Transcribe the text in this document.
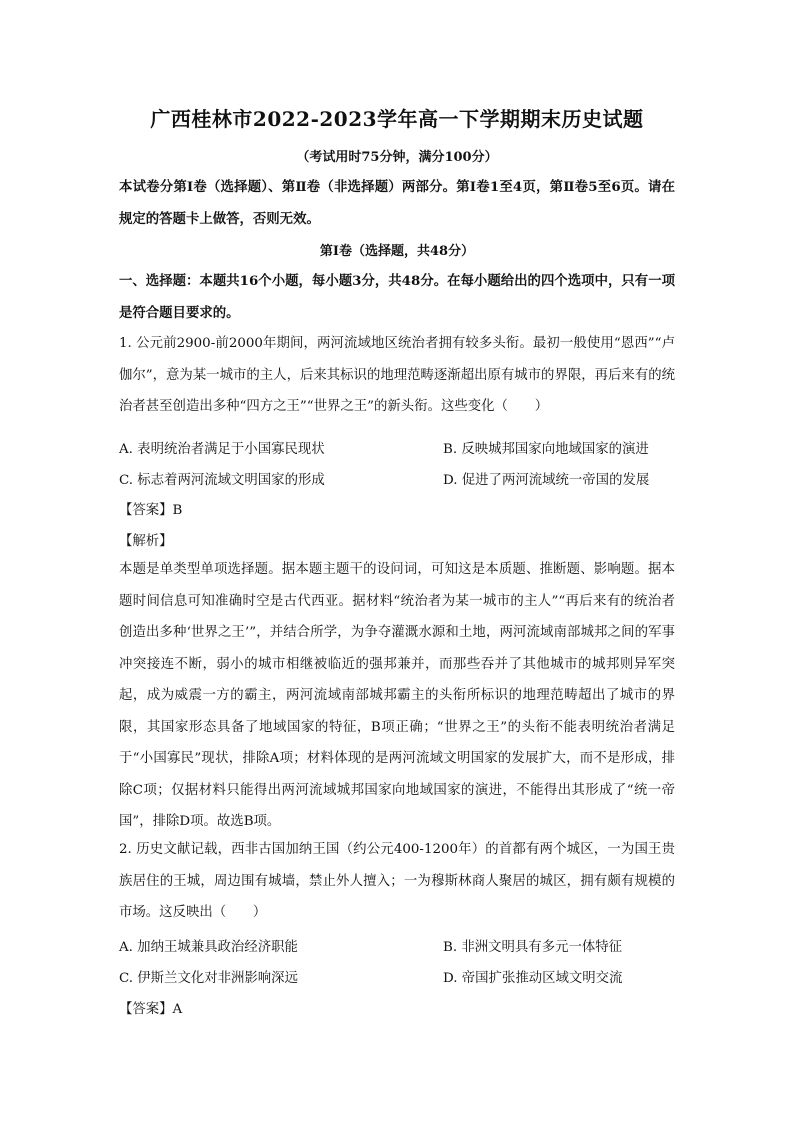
广西桂林市2022-2023学年高一下学期期末历史试题
（考试用时75分钟，满分100分）
本试卷分第Ⅰ卷（选择题）、第Ⅱ卷（非选择题）两部分。第Ⅰ卷1至4页，第Ⅱ卷5至6页。请在规定的答题卡上做答，否则无效。
第Ⅰ卷（选择题，共48分）
一、选择题：本题共16个小题，每小题3分，共48分。在每小题给出的四个选项中，只有一项是符合题目要求的。
1. 公元前2900-前2000年期间，两河流域地区统治者拥有较多头衔。最初一般使用“恩西”“卢伽尔”，意为某一城市的主人，后来其标识的地理范畴逐渐超出原有城市的界限，再后来有的统治者甚至创造出多种“四方之王”“世界之王”的新头衔。这些变化（　　）
A. 表明统治者满足于小国寡民现状	B. 反映城邦国家向地域国家的演进
C. 标志着两河流域文明国家的形成	D. 促进了两河流域统一帝国的发展
【答案】B
【解析】
本题是单类型单项选择题。据本题主题干的设问词，可知这是本质题、推断题、影响题。据本题时间信息可知准确时空是古代西亚。据材料“统治者为某一城市的主人”“再后来有的统治者创造出多种‘世界之王’”，并结合所学，为争夺灌溉水源和土地，两河流域南部城邦之间的军事冲突接连不断，弱小的城市相继被临近的强邦兼并，而那些吞并了其他城市的城邦则异军突起，成为威震一方的霸主，两河流域南部城邦霸主的头衔所标识的地理范畴超出了城市的界限，其国家形态具备了地域国家的特征，B项正确；“世界之王”的头衔不能表明统治者满足于“小国寡民”现状，排除A项；材料体现的是两河流域文明国家的发展扩大，而不是形成，排除C项；仅据材料只能得出两河流域城邦国家向地域国家的演进，不能得出其形成了“统一帝国”，排除D项。故选B项。
2. 历史文献记载，西非古国加纳王国（约公元400-1200年）的首都有两个城区，一为国王贵族居住的王城，周边围有城墙，禁止外人擅入；一为穆斯林商人聚居的城区，拥有颇有规模的市场。这反映出（　　）
A. 加纳王城兼具政治经济职能	B. 非洲文明具有多元一体特征
C. 伊斯兰文化对非洲影响深远	D. 帝国扩张推动区域文明交流
【答案】A
